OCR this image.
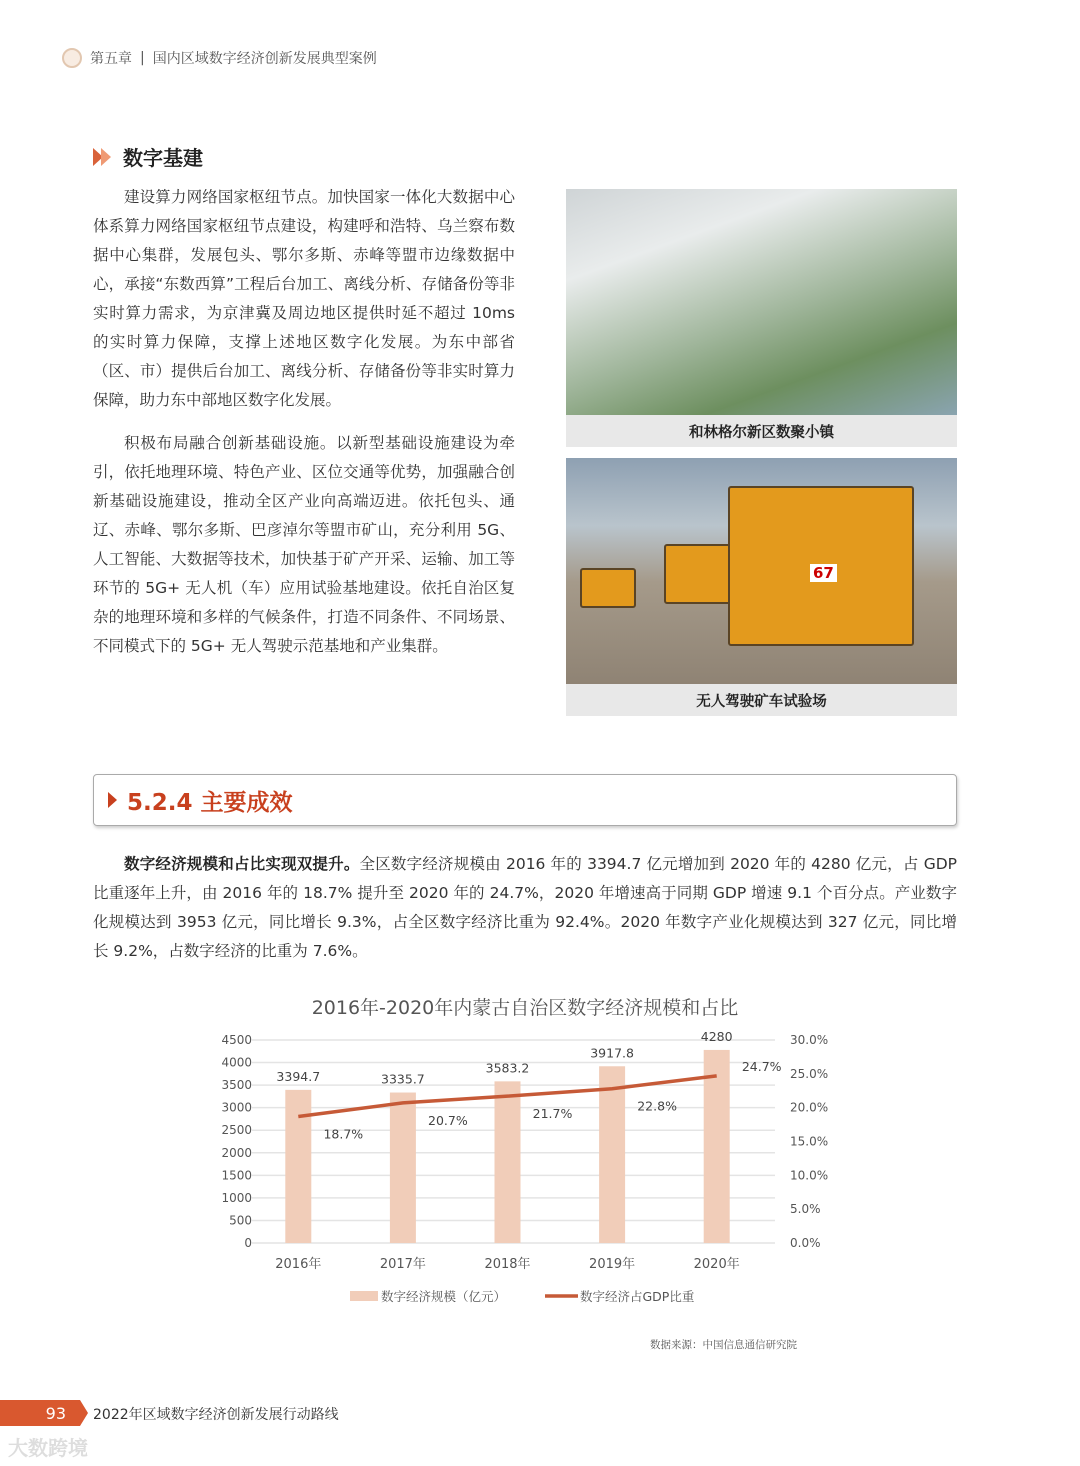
第五章 | 国内区域数字经济创新发展典型案例
数字基建

建设算力网络国家枢纽节点。加快国家一体化大数据中心体系算力网络国家枢纽节点建设，构建呼和浩特、乌兰察布数据中心集群，发展包头、鄂尔多斯、赤峰等盟市边缘数据中心，承接“东数西算”工程后台加工、离线分析、存储备份等非实时算力需求，为京津冀及周边地区提供时延不超过 10ms 的实时算力保障，支撑上述地区数字化发展。为东中部省（区、市）提供后台加工、离线分析、存储备份等非实时算力保障，助力东中部地区数字化发展。

积极布局融合创新基础设施。以新型基础设施建设为牵引，依托地理环境、特色产业、区位交通等优势，加强融合创新基础设施建设，推动全区产业向高端迈进。依托包头、通辽、赤峰、鄂尔多斯、巴彦淖尔等盟市矿山，充分利用 5G、人工智能、大数据等技术，加快基于矿产开采、运输、加工等环节的 5G+ 无人机（车）应用试验基地建设。依托自治区复杂的地理环境和多样的气候条件，打造不同条件、不同场景、不同模式下的 5G+ 无人驾驶示范基地和产业集群。

和林格尔新区数聚小镇
67
无人驾驶矿车试验场
5.2.4 主要成效

数字经济规模和占比实现双提升。全区数字经济规模由 2016 年的 3394.7 亿元增加到 2020 年的 4280 亿元，占 GDP 比重逐年上升，由 2016 年的 18.7% 提升至 2020 年的 24.7%，2020 年增速高于同期 GDP 增速 9.1 个百分点。产业数字化规模达到 3953 亿元，同比增长 9.3%，占全区数字经济比重为 92.4%。2020 年数字产业化规模达到 327 亿元，同比增长 9.2%，占数字经济的比重为 7.6%。

2016年-2020年内蒙古自治区数字经济规模和占比
0
500
1000
1500
2000
2500
3000
3500
4000
4500
0.0%
5.0%
10.0%
15.0%
20.0%
25.0%
30.0%
3394.7
2016年
3335.7
2017年
3583.2
2018年
3917.8
2019年
4280
2020年
18.7%
20.7%	21.7%	22.8%
24.7%
数字经济规模（亿元）	数字经济占GDP比重
数据来源：中国信息通信研究院
93 2022年区域数字经济创新发展行动路线
大数跨境
